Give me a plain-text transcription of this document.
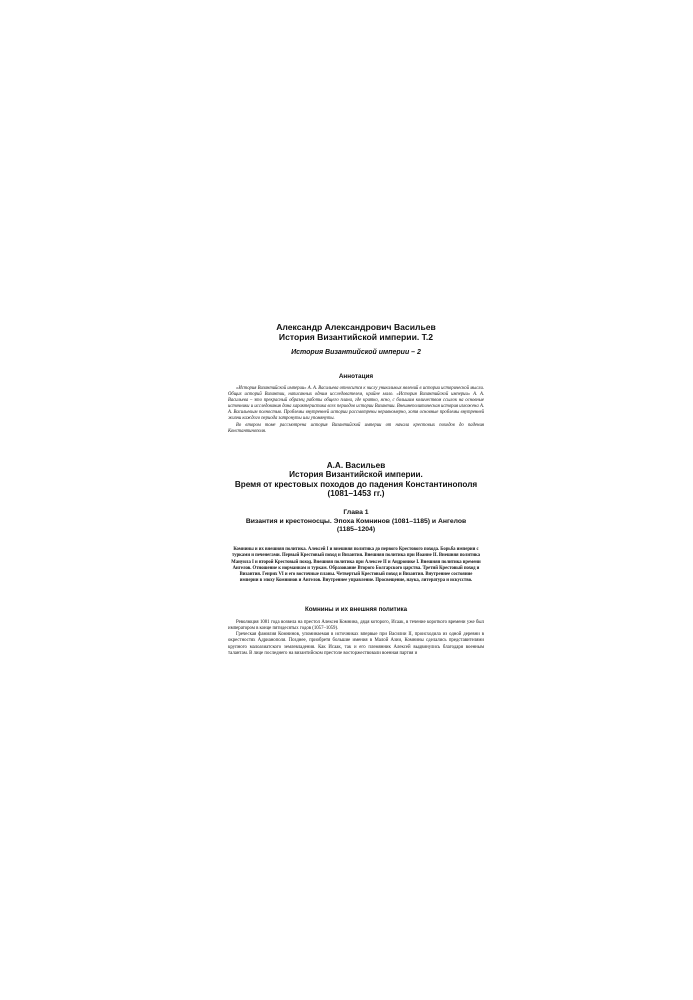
Александр Александрович Васильев
История Византийской империи. Т.2
История Византийской империи – 2
Аннотация

«История Византийской империи» А. А. Васильева относится к числу уникальных явлений в истории исторической мысли. Общих историй Византии, написанных одним исследователем, крайне мало. «История Византийской империи» А. А. Васильева – это прекрасный образец работы общего плана, где кратко, ясно, с большим количеством ссылок на основные источники и исследования дана характеристика всех периодов истории Византии. Внешнеполитическая история изложена А. А. Васильевым полностью. Проблемы внутренней истории рассмотрены неравномерно, хотя основные проблемы внутренней жизни каждого периода затронуты или упомянуты.

Во втором томе рассмотрена история Византийской империи от начала крестовых походов до падения Константинополя.

А.А. Васильев
История Византийской империи.
Время от крестовых походов до падения Константинополя
(1081–1453 гг.)
Глава 1
Византия и крестоносцы. Эпоха Комнинов (1081–1185) и Ангелов
(1185–1204)

Комнины и их внешняя политика. Алексей I и внешняя политика до первого Крестового похода. Борьба империи с турками и печенегами. Первый Крестовый поход и Византия. Внешняя политика при Иоанне II. Внешняя политика Мануила I и второй Крестовый поход. Внешняя политика при Алексее II и Андронике I. Внешняя политика времени Ангелов. Отношение к норманнам и туркам. Образование Второго Болгарского царства. Третий Крестовый поход и Византия. Генрих VI и его восточные планы. Четвертый Крестовый поход и Византия. Внутреннее состояние империи в эпоху Комнинов и Ангелов. Внутреннее управление. Просвещение, наука, литература и искусство.

Комнины и их внешняя политика

Революция 1081 года возвела на престол Алексея Комнина, дядя которого, Исаак, в течение короткого времени уже был императором в конце пятидесятых годов (1057–1059).

Греческая фамилия Комнинов, упоминаемая в источниках впервые при Василии II, происходила из одной деревни в окрестностях Адрианополя. Позднее, приобретя большие имения в Малой Азии, Комнины сделались представителями крупного малоазиатского землевладения. Как Исаак, так и его племянник Алексей выдвинулись благодаря военным талантам. В лице последнего на византийском престоле восторжествовали военная партия и
